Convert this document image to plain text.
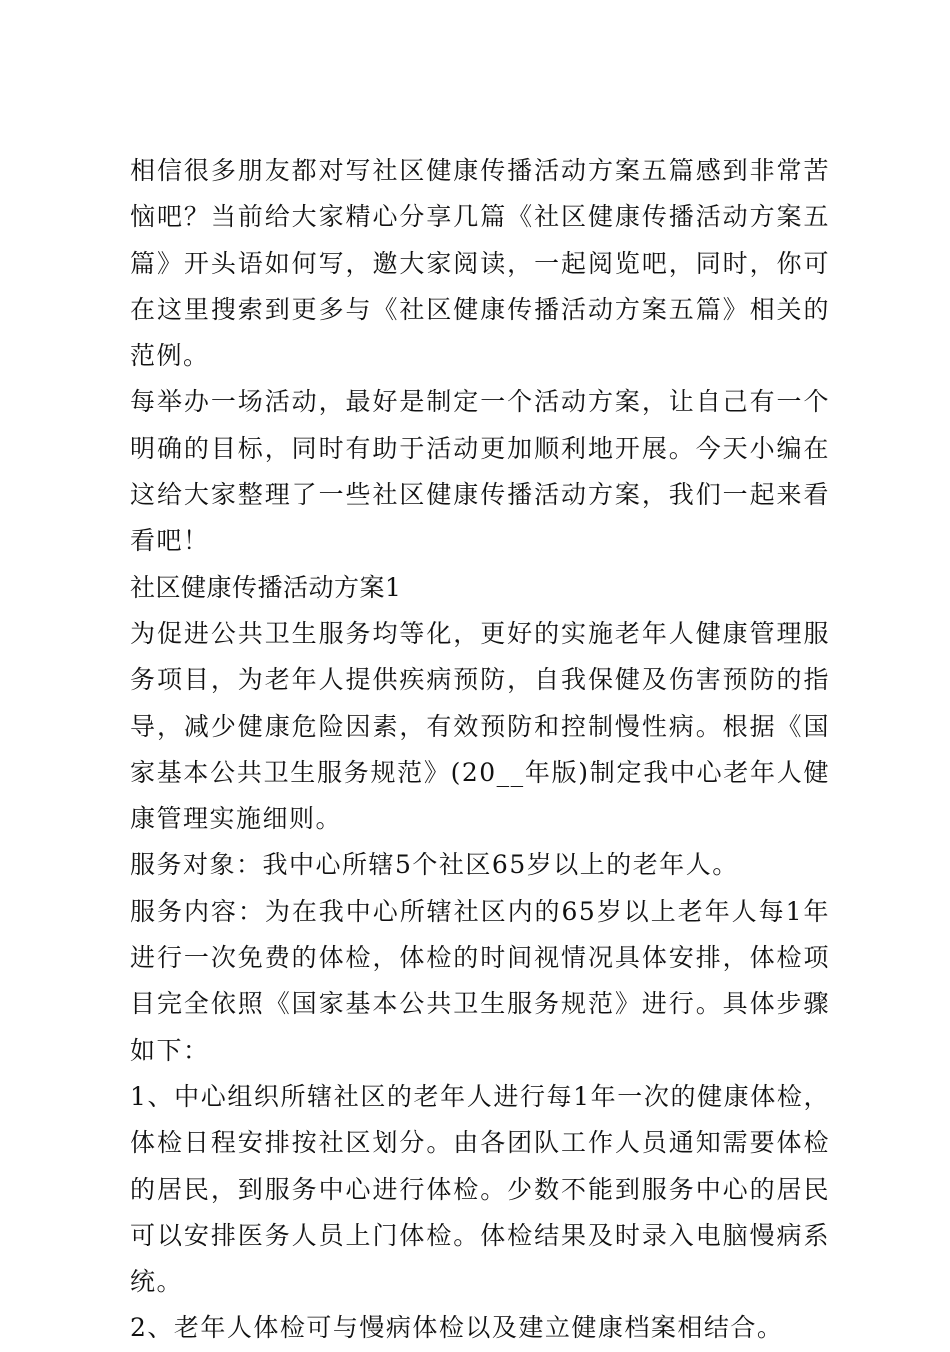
相信很多朋友都对写社区健康传播活动方案五篇感到非常苦恼吧？当前给大家精心分享几篇《社区健康传播活动方案五篇》开头语如何写，邀大家阅读，一起阅览吧，同时，你可在这里搜索到更多与《社区健康传播活动方案五篇》相关的范例。

每举办一场活动，最好是制定一个活动方案，让自己有一个明确的目标，同时有助于活动更加顺利地开展。今天小编在这给大家整理了一些社区健康传播活动方案，我们一起来看看吧！

社区健康传播活动方案1

为促进公共卫生服务均等化，更好的实施老年人健康管理服务项目，为老年人提供疾病预防，自我保健及伤害预防的指导，减少健康危险因素，有效预防和控制慢性病。根据《国家基本公共卫生服务规范》(20__年版)制定我中心老年人健康管理实施细则。

服务对象：我中心所辖5个社区65岁以上的老年人。

服务内容：为在我中心所辖社区内的65岁以上老年人每1年进行一次免费的体检，体检的时间视情况具体安排，体检项目完全依照《国家基本公共卫生服务规范》进行。具体步骤如下：

1、中心组织所辖社区的老年人进行每1年一次的健康体检，体检日程安排按社区划分。由各团队工作人员通知需要体检的居民，到服务中心进行体检。少数不能到服务中心的居民可以安排医务人员上门体检。体检结果及时录入电脑慢病系统。

2、老年人体检可与慢病体检以及建立健康档案相结合。
